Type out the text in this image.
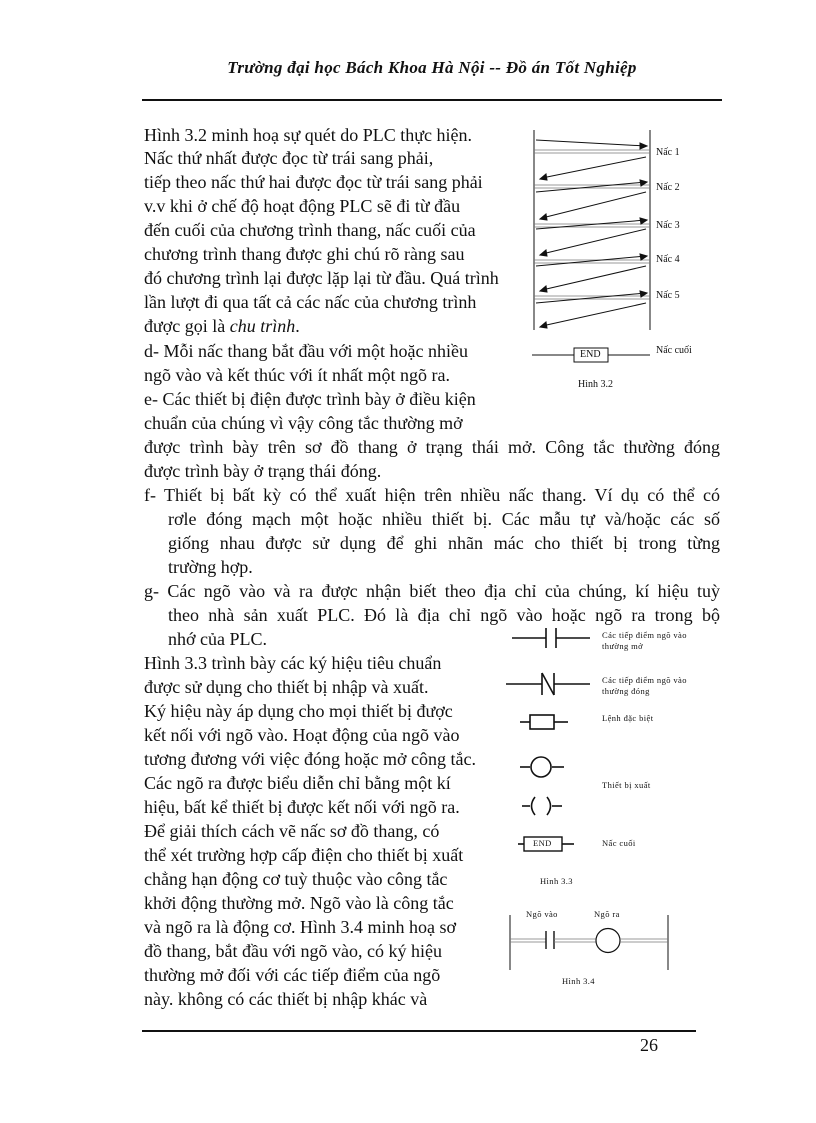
Trường đại học Bách Khoa Hà Nội -- Đồ án Tốt Nghiệp
Hình 3.2 minh hoạ sự quét do PLC thực hiện.
Nấc thứ nhất được đọc từ trái sang phải,
tiếp theo nấc thứ hai được đọc từ trái sang phải
v.v khi ở chế độ hoạt động PLC sẽ đi từ đầu
đến cuối của chương trình thang, nấc cuối của
chương trình thang được ghi chú rõ ràng sau
đó chương trình lại được lặp lại từ đầu. Quá trình
lần lượt đi qua tất cả các nấc của chương trình
được gọi là chu trình.
d- Mỗi nấc thang bắt đầu với một hoặc nhiều
ngõ vào và kết thúc với ít nhất một ngõ ra.
e- Các thiết bị điện được trình bày ở điều kiện
chuẩn của chúng vì vậy công tắc thường mở
được trình bày trên sơ đồ thang ở trạng thái mở. Công tắc thường đóng
được trình bày ở trạng thái đóng.
f- Thiết bị bất kỳ có thể xuất hiện trên nhiều nấc thang. Ví dụ có thể có
rơle đóng mạch một hoặc nhiều thiết bị. Các mẫu tự và/hoặc các số
giống nhau được sử dụng để ghi nhãn mác cho thiết bị trong từng
trường hợp.
g- Các ngõ vào và ra được nhận biết theo địa chỉ của chúng, kí hiệu tuỳ
theo nhà sản xuất PLC. Đó là địa chỉ ngõ vào hoặc ngõ ra trong bộ
nhớ của PLC.
Hình 3.3 trình bày các ký hiệu tiêu chuẩn
được sử dụng cho thiết bị nhập và xuất.
Ký hiệu này áp dụng cho mọi thiết bị được
kết nối với ngõ vào. Hoạt động của ngõ vào
tương đương với việc đóng hoặc mở công tắc.
Các ngõ ra được biểu diễn chỉ bằng một kí
hiệu, bất kể thiết bị được kết nối với ngõ ra.
Để giải thích cách vẽ nấc sơ đồ thang, có
thể xét trường hợp cấp điện cho thiết bị xuất
chẳng hạn động cơ tuỳ thuộc vào công tắc
khởi động thường mở. Ngõ vào là công tắc
và ngõ ra là động cơ. Hình 3.4 minh hoạ sơ
đồ thang, bắt đầu với ngõ vào, có ký hiệu
thường mở đối với các tiếp điểm của ngõ
này. không có các thiết bị nhập khác và
Nấc 1
Nấc 2
Nấc 3
Nấc 4
Nấc 5
END	Nấc cuối
Hình 3.2
Các tiếp điểm ngõ vào
thường mở
Các tiếp điểm ngõ vào
thường đóng
Lệnh đặc biệt
Thiết bị xuất
END	Nấc cuối
Hình 3.3
Ngõ vào	Ngõ ra
Hình 3.4
26
